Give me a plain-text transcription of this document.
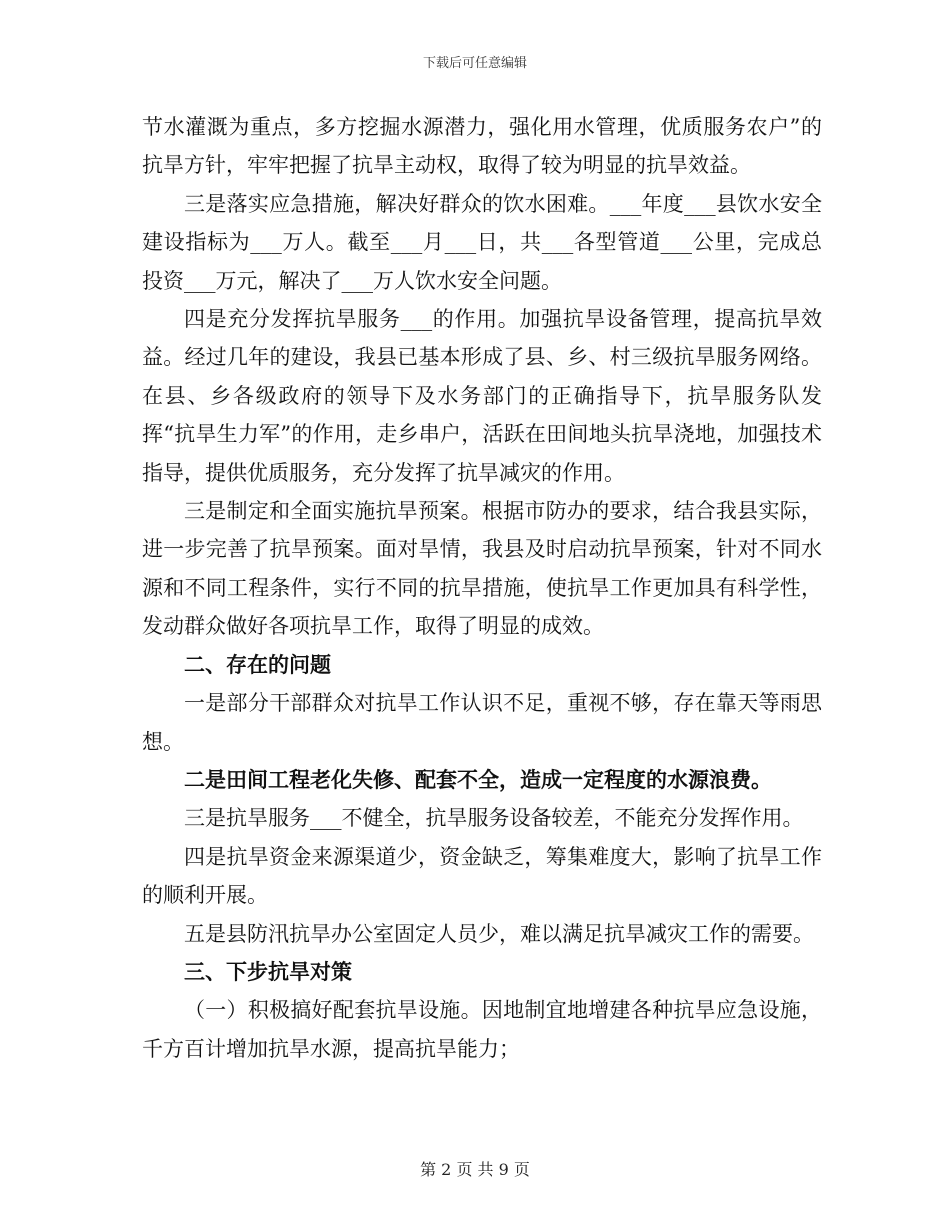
下载后可任意编辑

节水灌溉为重点，多方挖掘水源潜力，强化用水管理，优质服务农户”的抗旱方针，牢牢把握了抗旱主动权，取得了较为明显的抗旱效益。

三是落实应急措施，解决好群众的饮水困难。___年度___县饮水安全建设指标为___万人。截至___月___日，共___各型管道___公里，完成总投资___万元，解决了___万人饮水安全问题。

四是充分发挥抗旱服务___的作用。加强抗旱设备管理，提高抗旱效益。经过几年的建设，我县已基本形成了县、乡、村三级抗旱服务网络。在县、乡各级政府的领导下及水务部门的正确指导下，抗旱服务队发挥“抗旱生力军”的作用，走乡串户，活跃在田间地头抗旱浇地，加强技术指导，提供优质服务，充分发挥了抗旱减灾的作用。

三是制定和全面实施抗旱预案。根据市防办的要求，结合我县实际，进一步完善了抗旱预案。面对旱情，我县及时启动抗旱预案，针对不同水源和不同工程条件，实行不同的抗旱措施，使抗旱工作更加具有科学性，发动群众做好各项抗旱工作，取得了明显的成效。

二、存在的问题

一是部分干部群众对抗旱工作认识不足，重视不够，存在靠天等雨思想。

二是田间工程老化失修、配套不全，造成一定程度的水源浪费。

三是抗旱服务___不健全，抗旱服务设备较差，不能充分发挥作用。

四是抗旱资金来源渠道少，资金缺乏，筹集难度大，影响了抗旱工作的顺利开展。

五是县防汛抗旱办公室固定人员少，难以满足抗旱减灾工作的需要。

三、下步抗旱对策

（一）积极搞好配套抗旱设施。因地制宜地增建各种抗旱应急设施，千方百计增加抗旱水源，提高抗旱能力；

第 2 页 共 9 页
